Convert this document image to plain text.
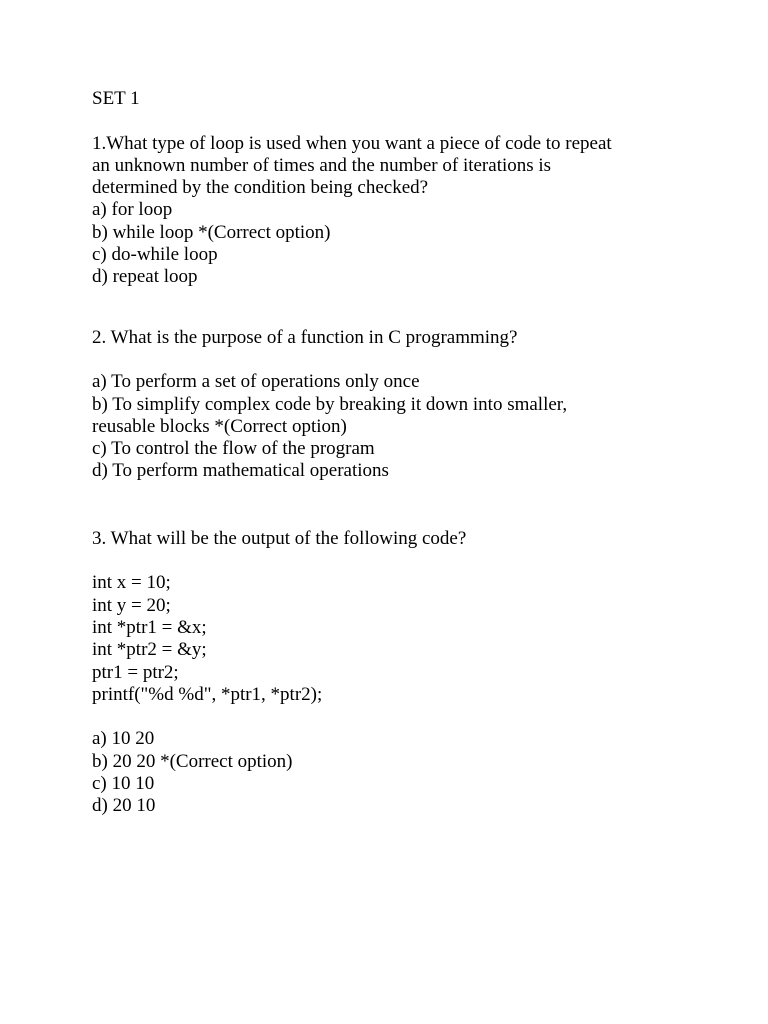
SET 1
1.What type of loop is used when you want a piece of code to repeat
an unknown number of times and the number of iterations is
determined by the condition being checked?
a) for loop
b) while loop *(Correct option)
c) do-while loop
d) repeat loop
2. What is the purpose of a function in C programming?
a) To perform a set of operations only once
b) To simplify complex code by breaking it down into smaller,
reusable blocks *(Correct option)
c) To control the flow of the program
d) To perform mathematical operations
3. What will be the output of the following code?
int x = 10;
int y = 20;
int *ptr1 = &x;
int *ptr2 = &y;
ptr1 = ptr2;
printf("%d %d", *ptr1, *ptr2);
a) 10 20
b) 20 20 *(Correct option)
c) 10 10
d) 20 10
